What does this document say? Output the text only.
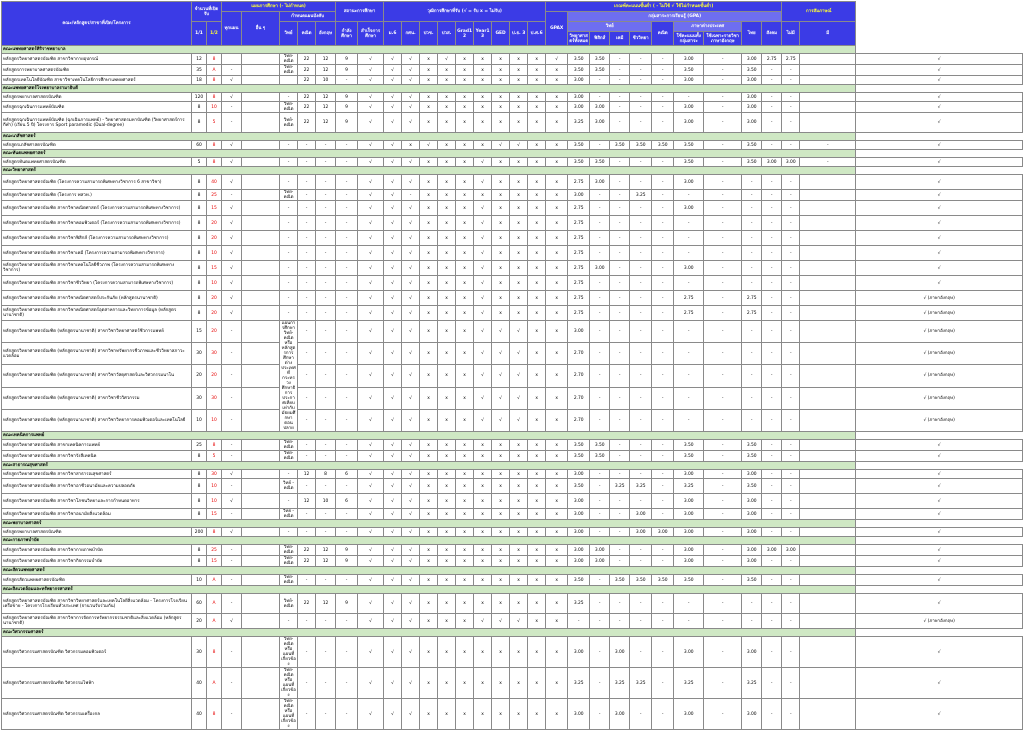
คณะ/หลักสูตร/สาขาที่เปิด/โครงการ	จำนวนที่เปิดรับ		แผนการศึกษา (- ไม่กำหนด)					สถานะการศึกษา		วุฒิการศึกษาที่รับ (√ = รับ x = ไม่รับ)									เกณฑ์คะแนนขั้นต่ำ ( - ไม่ใช้ √ ใช้ไม่กำหนดขั้นต่ำ)										การสัมภาษณ์		
			ทุกแผน	อื่น ๆ	กำหนดแผนบังคับ														GPAX	กลุ่มสาระการเรียนรู้ (GPA)											
	1/1	1/2			วิทย์	คณิต	อังกฤษ	กำลังศึกษา	สำเร็จการศึกษา	ม.6	กศน.	ปวช.	ปวส.	Grad12	Year13	GED	ป.ธ. 3	ป.ศ.6		วิทย์				คณิต	ภาษาต่างประเทศ		ไทย	สังคม	ไม่มี	มี	
																				วิทยาศาสตร์ทั้งหมด	ฟิสิกส์	เคมี	ชีววิทยา		ใช้คะแนนทั้งกลุ่มสาระ	ใช้เฉพาะรายวิชาภาษาอังกฤษ					
คณะแพทยศาสตร์ศิริราชพยาบาล																															
หลักสูตรวิทยาศาสตรบัณฑิต สาขาวิชากายอุปกรณ์	12	8			วิทย์-คณิต	22	12	9	√	√	√	x	√	x	x	x	x	x	√	3.50	3.50	-	-	-	3.00	-	3.00	2.75	2.75		√
หลักสูตรการพยาบาลศาสตรบัณฑิต	35	A	-		วิทย์-คณิต	22	12	9	√	√	√	x	x	x	x	x	x	x	x	3.50	3.50	-	-	-	3.50	-	3.50	-	-		√
หลักสูตรเทคโนโลยีบัณฑิต สาขาวิชาเทคโนโลยีการศึกษาแพทยศาสตร์	18	8	√			22	10	-	√	√	√	x	x	x	x	x	x	x	x	3.00	-	-	-	-	3.00	-	3.00	-	-		√
คณะแพทยศาสตร์โรงพยาบาลรามาธิบดี																															
หลักสูตรพยาบาลศาสตรบัณฑิต	120	8	√		-	22	12	9	√	√	√	x	x	x	x	x	x	x	x	3.00	-	-	-	-	-	-	3.00	-	-		√
หลักสูตรฉุกเฉินการแพทย์บัณฑิต	8	10	-		วิทย์-คณิต	22	12	9	√	√	√	x	x	x	x	x	x	x	x	3.00	3.00	-	-	-	3.00	-	3.00	-	-		√
หลักสูตรฉุกเฉินการแพทย์บัณฑิต (ฉุกเฉินการแพทย์) - วิทยาศาสตรมหาบัณฑิต (วิทยาศาสตร์การกีฬา) (เรียน 5 ปี) โครงการ Sport paramedic (Dual-degree)	8	5	-		วิทย์-คณิต	22	12	9	√	√	√	x	x	x	x	x	x	x	x	3.25	3.00	-	-	-	3.00	-	3.00	-	-		√
คณะเภสัชศาสตร์																															
หลักสูตรเภสัชศาสตรบัณฑิต	60	8	√		-	-	-	-	√	√	x	√	x	x	x	√	√	x	x	3.50	-	3.50	3.50	3.50	3.50	-	3.50	-	-	-	√
คณะทันตแพทยศาสตร์																															
หลักสูตรทันตแพทยศาสตรบัณฑิต	5	8	√		-	-	-	-	√	√	√	x	x	x	√	x	x	x	x	3.50	3.50	-	-	-	3.50	-	3.50	3.00	3.00	-	√
คณะวิทยาศาสตร์																															
หลักสูตรวิทยาศาสตรบัณฑิต (โครงการความสามารถพิเศษทางวิชาการ 6 สาขาวิชา)	8	40	√		-	-	-	-	√	√	√	x	x	x	√	x	x	x	x	2.75	3.00	-	-	-	3.00	-	-	-	-		√
หลักสูตรวิทยาศาสตรบัณฑิต (โครงการ พสวท.)	8	25	-		วิทย์-คณิต	-	-	-	√	√	-	x	x	x	x	x	x	x	x	3.00	-	-	3.25	-	-	-	-	-	-		√
หลักสูตรวิทยาศาสตรบัณฑิต สาขาวิชาคณิตศาสตร์ (โครงการความสามารถพิเศษทางวิชาการ)	8	15	√		-	-	-	-	√	√	√	x	x	x	√	x	x	x	x	2.75	-	-	-	-	3.00	-	-	-	-		√
หลักสูตรวิทยาศาสตรบัณฑิต สาขาวิชาคอมพิวเตอร์ (โครงการความสามารถพิเศษทางวิชาการ)	8	20	√		-	-	-	-	√	√	√	x	x	x	√	x	x	x	x	2.75	-	-	-	-	-	-	-	-	-		√
หลักสูตรวิทยาศาสตรบัณฑิต สาขาวิชาฟิสิกส์ (โครงการความสามารถพิเศษทางวิชาการ)	8	20	√		-	-	-	-	√	√	√	x	x	x	√	x	x	x	x	2.75	-	-	-	-	-	-	-	-	-		√
หลักสูตรวิทยาศาสตรบัณฑิต สาขาวิชาเคมี (โครงการความสามารถพิเศษทางวิชาการ)	8	10	√		-	-	-	-	√	√	√	x	x	x	√	x	x	x	x	2.75	-	-	-	-	-	-	-	-	-		√
หลักสูตรวิทยาศาสตรบัณฑิต สาขาวิชาเทคโนโลยีชีวภาพ (โครงการความสามารถพิเศษทางวิชาการ)	8	15	√		-	-	-	-	√	√	√	x	x	x	√	x	x	x	x	2.75	3.00	-	-	-	3.00	-	-	-	-		√
หลักสูตรวิทยาศาสตรบัณฑิต สาขาวิชาชีววิทยา (โครงการความสามารถพิเศษทางวิชาการ)	8	10	√		-	-	-	-	√	√	√	x	x	x	√	x	x	x	x	2.75	-	-	-	-	-	-	-	-	-		√
หลักสูตรวิทยาศาสตรบัณฑิต สาขาวิชาคณิตศาสตร์ประกันภัย (หลักสูตรนานาชาติ)	8	20	√		-	-	-	-	√	√	√	x	x	x	√	x	x	x	x	2.75	-	-	-	-	2.75	-	2.75	-	-		√ (ภาษาอังกฤษ)
หลักสูตรวิทยาศาสตรบัณฑิต สาขาวิชาคณิตศาสตร์อุตสาหการและวิทยาการข้อมูล (หลักสูตรนานาชาติ)	8	20	√		-	-	-	-	√	√	√	x	x	x	√	x	x	x	x	2.75	-	-	-	-	2.75	-	2.75	-	-		√ (ภาษาอังกฤษ)
หลักสูตรวิทยาศาสตรบัณฑิต (หลักสูตรนานาชาติ) สาขาวิชาวิทยาศาสตร์ชีวการแพทย์	15	20	-		แผนการศึกษาวิทย์-คณิต หรือ หลักสูตรการศึกษาต่างประเทศที่ กระทรวงศึกษาธิการประกาศเทียบเท่ากับมัธยมศึกษาตอนปลาย	-	-	-	√	√	√	x	x	x	√	√	√	x	x	3.00	-	-	-	-	-	-	-	-	-		√ (ภาษาอังกฤษ)
หลักสูตรวิทยาศาสตรบัณฑิต (หลักสูตรนานาชาติ) สาขาวิชาทรัพยากรชีวภาพและชีววิทยาสภาวะแวดล้อม	30	30	-			-	-	-	√	√	√	x	x	x	√	√	√	x	x	2.70	-	-	-	-	-	-	-	-	-		√ (ภาษาอังกฤษ)
หลักสูตรวิทยาศาสตรบัณฑิต (หลักสูตรนานาชาติ) สาขาวิชาวัสดุศาสตร์และวิศวกรรมนาโน	20	20	-			-	-	-	√	√	√	x	x	x	√	√	√	x	x	2.70	-	-	-	-	-	-	-	-	-		√ (ภาษาอังกฤษ)
หลักสูตรวิทยาศาสตรบัณฑิต (หลักสูตรนานาชาติ) สาขาวิชาชีววิศวกรรม	30	30	-			-	-	-	√	√	√	x	x	x	√	√	√	x	x	2.70	-	-	-	-	-	-	-	-	-		√ (ภาษาอังกฤษ)
หลักสูตรวิทยาศาสตรบัณฑิต (หลักสูตรนานาชาติ) สาขาวิชาวิทยาการคอมพิวเตอร์และเทคโนโลยี	10	10	-			-	-	-	√	√	√	x	x	x	√	√	√	x	x	2.70	-	-	-	-	-	-	-	-	-		√ (ภาษาอังกฤษ)
คณะเทคนิคการแพทย์																															
หลักสูตรวิทยาศาสตรบัณฑิต สาขาเทคนิคการแพทย์	25	8	-		วิทย์-คณิต	-	-	-	√	√	√	x	x	x	x	x	x	x	x	3.50	3.50	-	-	-	3.50	-	3.50	-	-		√
หลักสูตรวิทยาศาสตรบัณฑิต สาขาวิชารังสีเทคนิค	8	5	-		วิทย์-คณิต	-	-	-	√	√	√	x	x	x	x	x	x	x	x	3.50	3.50	-	-	-	3.50	-	3.50	-	-		√
คณะสาธารณสุขศาสตร์																															
หลักสูตรวิทยาศาสตรบัณฑิต สาขาวิชาสาธารณสุขศาสตร์	8	30	√		-	12	8	6	√	√	√	x	x	x	x	x	x	x	x	3.00	-	-	-	-	3.00	-	3.00	-	-		√
หลักสูตรวิทยาศาสตรบัณฑิต สาขาวิชาอาชีวอนามัยและความปลอดภัย	8	10	-		วิทย์ - คณิต	-	-	-	√	√	√	x	x	x	x	x	x	x	x	3.50	-	3.25	3.25	-	3.25	-	3.50	-	-		√
หลักสูตรวิทยาศาสตรบัณฑิต สาขาวิชาโภชนวิทยาและการกำหนดอาหาร	8	10	√		-	12	10	6	√	√	√	x	x	x	x	x	x	x	x	3.00	-	-	-	-	3.00	-	3.00	-	-		√
หลักสูตรวิทยาศาสตรบัณฑิต สาขาวิชาอนามัยสิ่งแวดล้อม	8	15	-		วิทย์ - คณิต	-	-	-	√	√	√	x	x	x	x	x	x	x	x	3.00	-	-	3.00	-	3.00	-	3.00	-	-		√
คณะพยาบาลศาสตร์																															
หลักสูตรพยาบาลศาสตรบัณฑิต	200	8	√		-	-	-	-	√	√	√	x	x	x	x	x	x	x	x	3.00	-	-	3.00	3.00	3.00	-	3.00	-	-		√
คณะกายภาพบำบัด																															
หลักสูตรวิทยาศาสตรบัณฑิต สาขาวิชากายภาพบำบัด	8	25	-		วิทย์-คณิต	22	12	9	√	√	√	x	x	x	x	x	x	x	x	3.00	3.00	-	-	-	3.00	-	3.00	3.00	3.00		√
หลักสูตรวิทยาศาสตรบัณฑิต สาขาวิชากิจกรรมบำบัด	8	15	-		วิทย์-คณิต	22	12	9	√	√	√	x	x	x	x	x	x	x	x	3.00	3.00	-	-	-	3.00	-	3.00	-	-		√
คณะสัตวแพทยศาสตร์																															
หลักสูตรสัตวแพทยศาสตรบัณฑิต	10	A	-		วิทย์-คณิต	-	-	-	√	√	√	x	x	x	x	x	x	x	x	3.50	-	3.50	3.50	3.50	3.50	-	3.50	-	-		√
คณะสิ่งแวดล้อมและทรัพยากรศาสตร์																															
หลักสูตรวิทยาศาสตรบัณฑิต สาขาวิชาวิทยาศาสตร์และเทคโนโลยีสิ่งแวดล้อม - โครงการโรงเรียนเครือข่าย - โครงการโรงเรียนทั่วประเทศ (จานวนรับร่วมกัน)	60	A	-		วิทย์-คณิต	22	12	9	√	√	√	x	x	x	x	x	x	x	x	3.25	-	-	-	-	-	-	-	-	-		√
หลักสูตรวิทยาศาสตรบัณฑิต สาขาวิชาการจัดการทรัพยากรธรรมชาติและสิ่งแวดล้อม (หลักสูตรนานาชาติ)	20	A	√		-	-	-	-	√	√	√	x	x	x	√	√	√	x	x	-	-	-	-	-	-	-	-	-	-		√ (ภาษาอังกฤษ)
คณะวิศวกรรมศาสตร์																															
หลักสูตรวิศวกรรมศาสตรบัณฑิต วิศวกรรมคอมพิวเตอร์	30	8	-		วิทย์-คณิต หรือแผนที่เกี่ยวข้อง	-	-	-	√	√	√	x	x	x	x	x	x	x	x	3.00	-	3.00	-	-	3.00	-	3.00	-	-		√
หลักสูตรวิศวกรรมศาสตรบัณฑิต วิศวกรรมไฟฟ้า	40	A	-		วิทย์-คณิต หรือแผนที่เกี่ยวข้อง	-	-	-	√	√	√	x	x	x	x	x	x	x	x	3.25	-	3.25	3.25	-	3.25	-	3.25	-	-		√
หลักสูตรวิศวกรรมศาสตรบัณฑิต วิศวกรรมเครื่องกล	40	8	-		วิทย์-คณิต หรือแผนที่เกี่ยวข้อง	-	-	-	√	√	√	x	x	x	x	x	x	x	x	3.00	-	3.00	-	-	3.00	-	3.00	-	-		√
